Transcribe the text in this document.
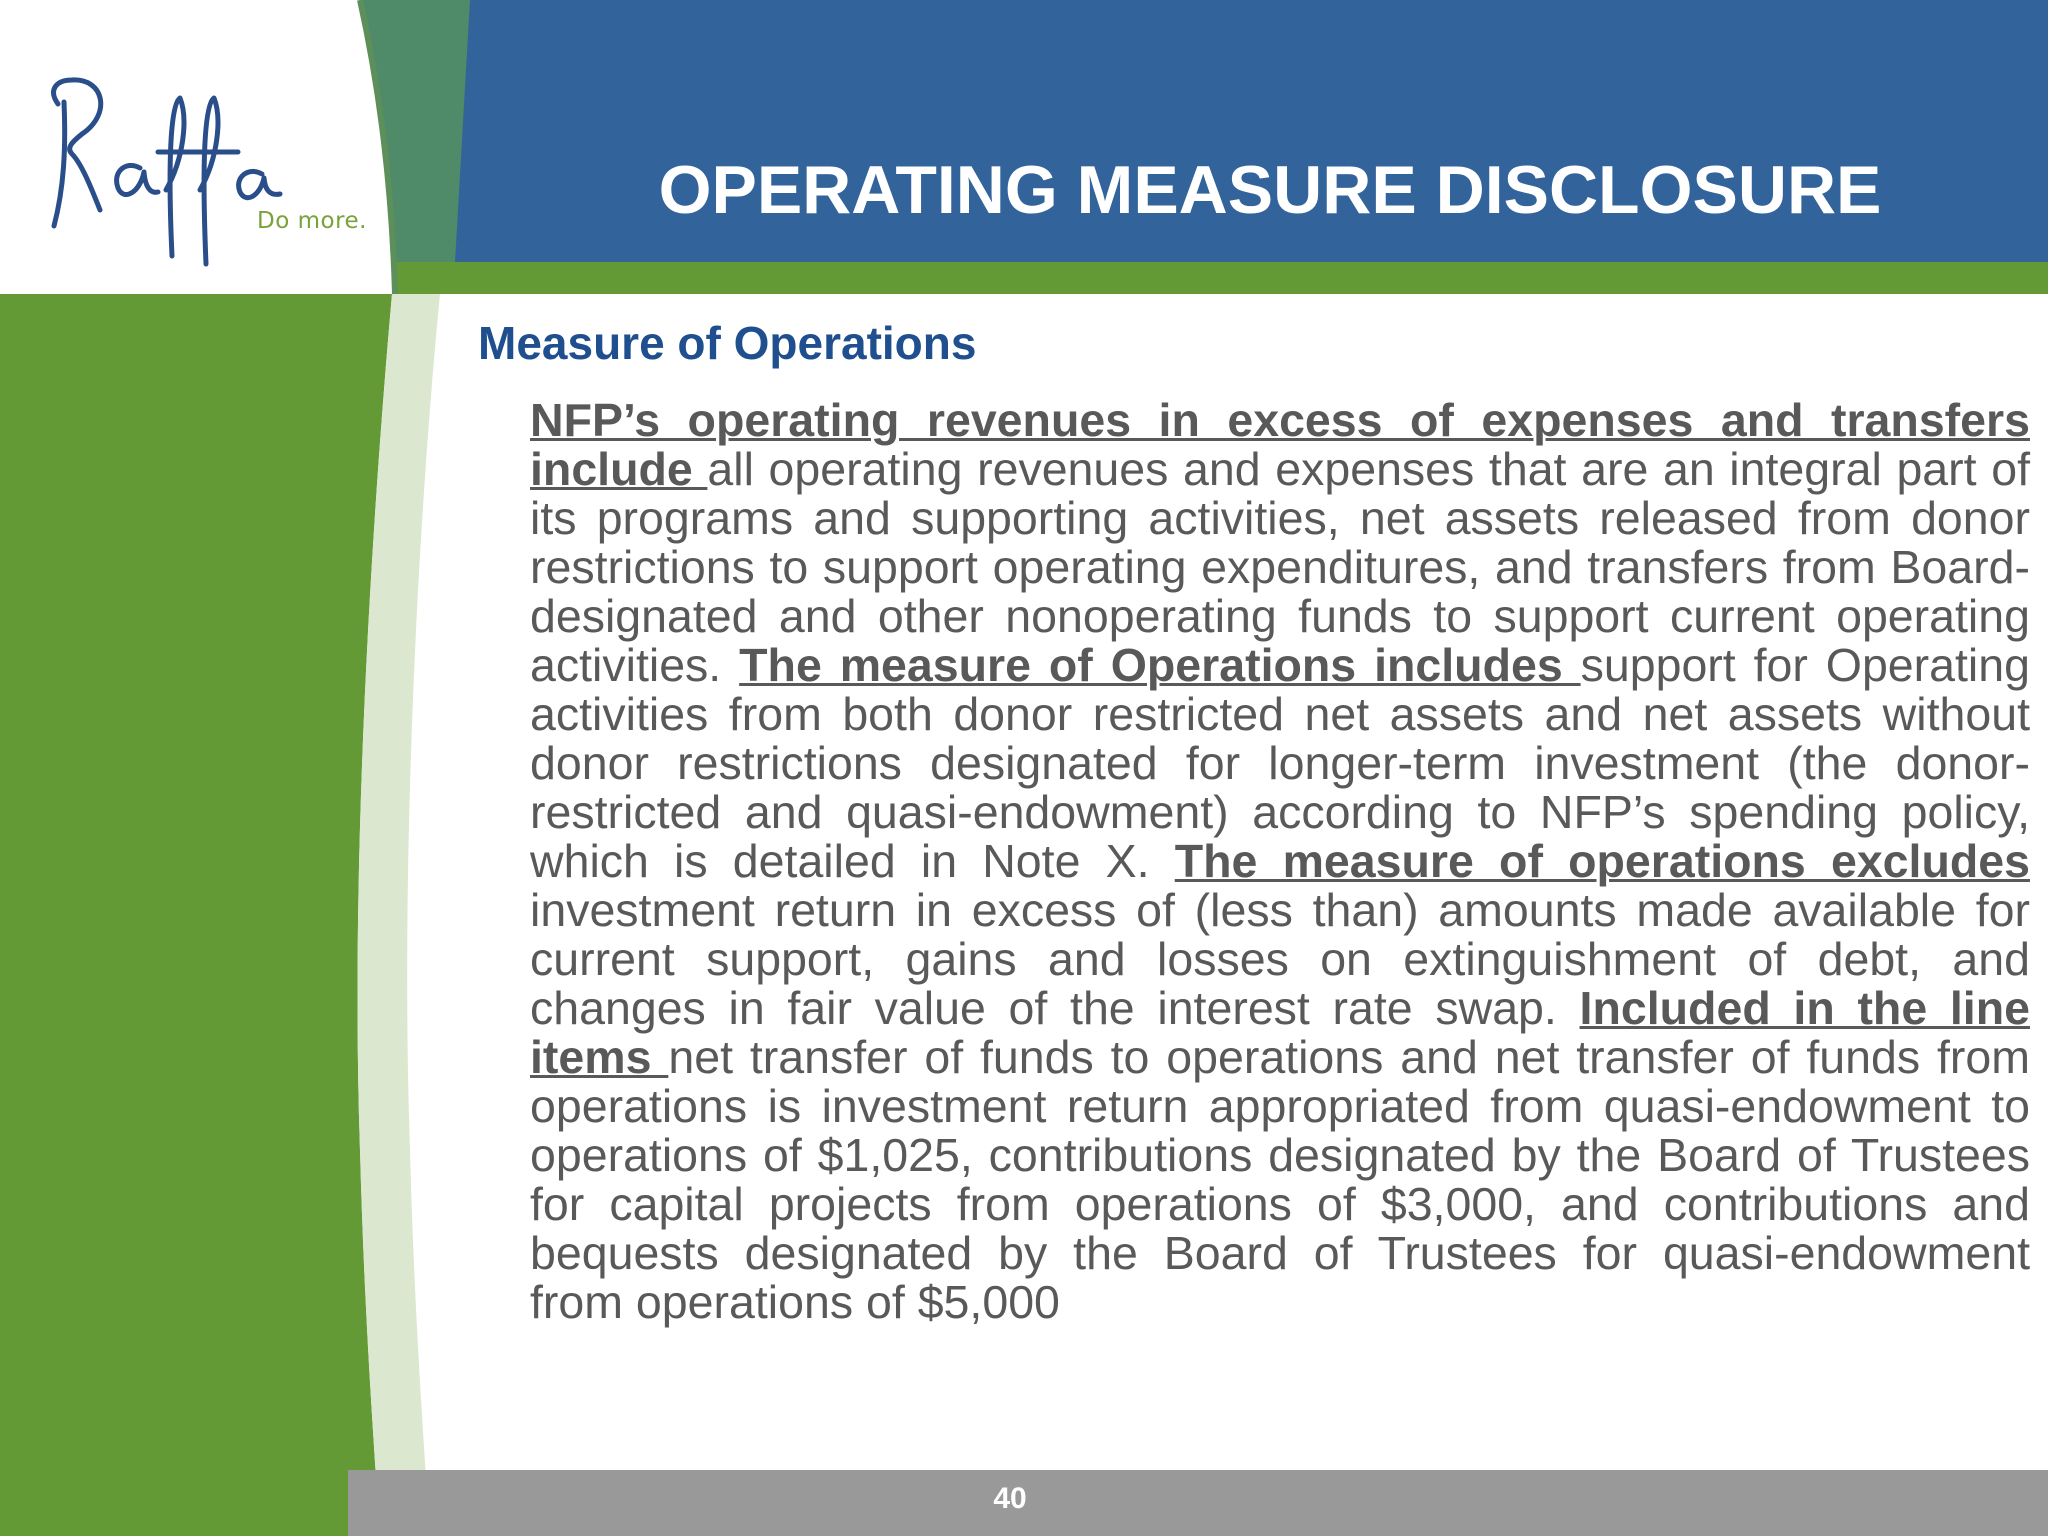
Do more.	OPERATING MEASURE DISCLOSURE
Measure of Operations
NFP’s operating revenues in excess of expenses and transfers include all operating revenues and expenses that are an integral part of its programs and supporting activities, net assets released from donor restrictions to support operating expenditures, and transfers from Board-designated and other nonoperating funds to support current operating activities. The measure of Operations includes support for Operating activities from both donor restricted net assets and net assets without donor restrictions designated for longer-term investment (the donor-restricted and quasi-endowment) according to NFP’s spending policy, which is detailed in Note X. The measure of operations excludes investment return in excess of (less than) amounts made available for current support, gains and losses on extinguishment of debt, and changes in fair value of the interest rate swap. Included in the line items net transfer of funds to operations and net transfer of funds from operations is investment return appropriated from quasi-endowment to operations of $1,025, contributions designated by the Board of Trustees for capital projects from operations of $3,000, and contributions and bequests designated by the Board of Trustees for quasi-endowment from operations of $5,000
40
